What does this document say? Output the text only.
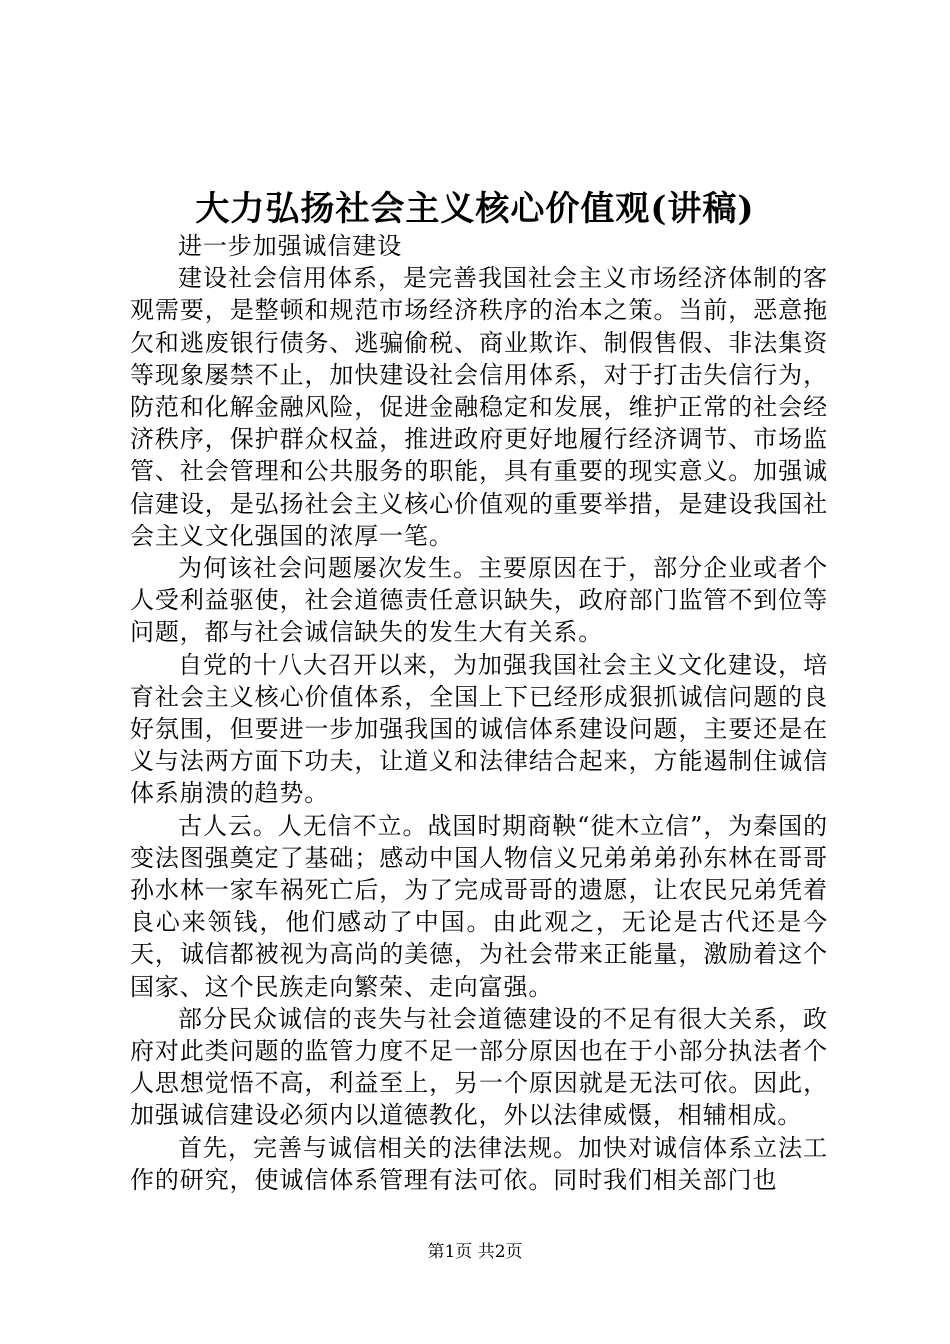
大力弘扬社会主义核心价值观(讲稿)

进一步加强诚信建设

建设社会信用体系，是完善我国社会主义市场经济体制的客观需要，是整顿和规范市场经济秩序的治本之策。当前，恶意拖欠和逃废银行债务、逃骗偷税、商业欺诈、制假售假、非法集资等现象屡禁不止，加快建设社会信用体系，对于打击失信行为，防范和化解金融风险，促进金融稳定和发展，维护正常的社会经济秩序，保护群众权益，推进政府更好地履行经济调节、市场监管、社会管理和公共服务的职能，具有重要的现实意义。加强诚信建设，是弘扬社会主义核心价值观的重要举措，是建设我国社会主义文化强国的浓厚一笔。

为何该社会问题屡次发生。主要原因在于，部分企业或者个人受利益驱使，社会道德责任意识缺失，政府部门监管不到位等问题，都与社会诚信缺失的发生大有关系。

自党的十八大召开以来，为加强我国社会主义文化建设，培育社会主义核心价值体系，全国上下已经形成狠抓诚信问题的良好氛围，但要进一步加强我国的诚信体系建设问题，主要还是在义与法两方面下功夫，让道义和法律结合起来，方能遏制住诚信体系崩溃的趋势。

古人云。人无信不立。战国时期商鞅“徙木立信”，为秦国的变法图强奠定了基础；感动中国人物信义兄弟弟弟孙东林在哥哥孙水林一家车祸死亡后，为了完成哥哥的遗愿，让农民兄弟凭着良心来领钱，他们感动了中国。由此观之，无论是古代还是今天，诚信都被视为高尚的美德，为社会带来正能量，激励着这个国家、这个民族走向繁荣、走向富强。

部分民众诚信的丧失与社会道德建设的不足有很大关系，政府对此类问题的监管力度不足一部分原因也在于小部分执法者个人思想觉悟不高，利益至上，另一个原因就是无法可依。因此，加强诚信建设必须内以道德教化，外以法律威慑，相辅相成。

首先，完善与诚信相关的法律法规。加快对诚信体系立法工作的研究，使诚信体系管理有法可依。同时我们相关部门也

第1页 共2页
